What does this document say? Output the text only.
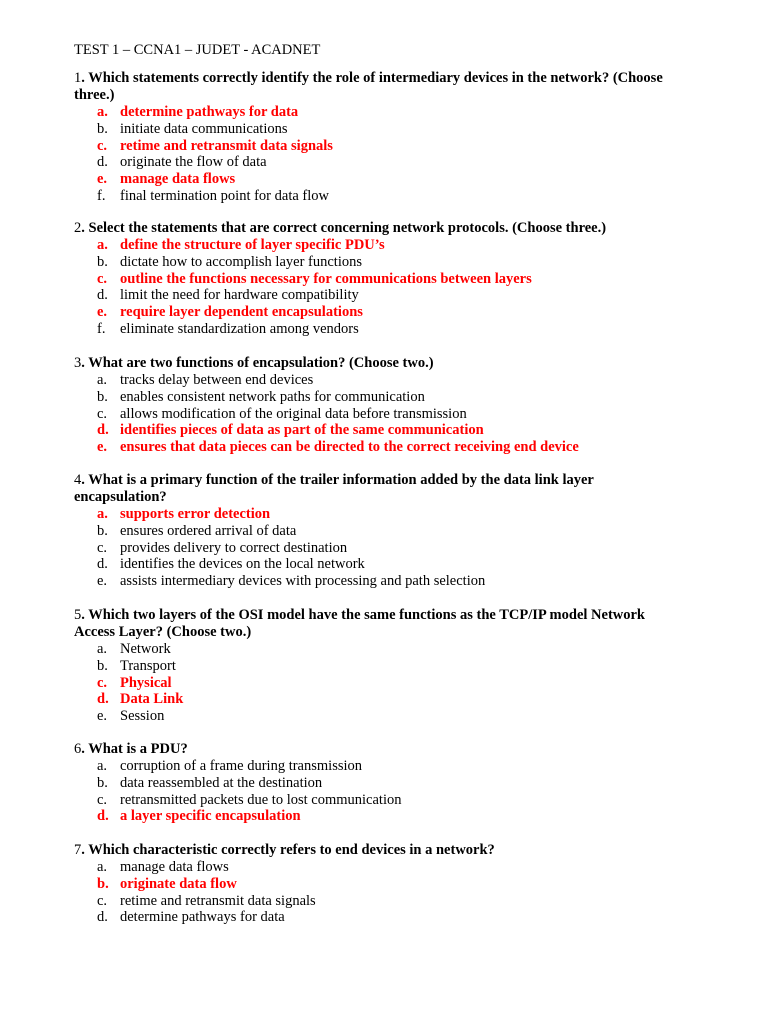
TEST 1 – CCNA1 – JUDET - ACADNET

1. Which statements correctly identify the role of intermediary devices in the network? (Choose three.)

a. determine pathways for data
b. initiate data communications
c. retime and retransmit data signals
d. originate the flow of data
e. manage data flows
f. final termination point for data flow

2. Select the statements that are correct concerning network protocols. (Choose three.)

a. define the structure of layer specific PDU’s
b. dictate how to accomplish layer functions
c. outline the functions necessary for communications between layers
d. limit the need for hardware compatibility
e. require layer dependent encapsulations
f. eliminate standardization among vendors

3. What are two functions of encapsulation? (Choose two.)

a. tracks delay between end devices
b. enables consistent network paths for communication
c. allows modification of the original data before transmission
d. identifies pieces of data as part of the same communication
e. ensures that data pieces can be directed to the correct receiving end device

4. What is a primary function of the trailer information added by the data link layer encapsulation?

a. supports error detection
b. ensures ordered arrival of data
c. provides delivery to correct destination
d. identifies the devices on the local network
e. assists intermediary devices with processing and path selection

5. Which two layers of the OSI model have the same functions as the TCP/IP model Network Access Layer? (Choose two.)

a. Network
b. Transport
c. Physical
d. Data Link
e. Session

6. What is a PDU?

a. corruption of a frame during transmission
b. data reassembled at the destination
c. retransmitted packets due to lost communication
d. a layer specific encapsulation

7. Which characteristic correctly refers to end devices in a network?

a. manage data flows
b. originate data flow
c. retime and retransmit data signals
d. determine pathways for data
